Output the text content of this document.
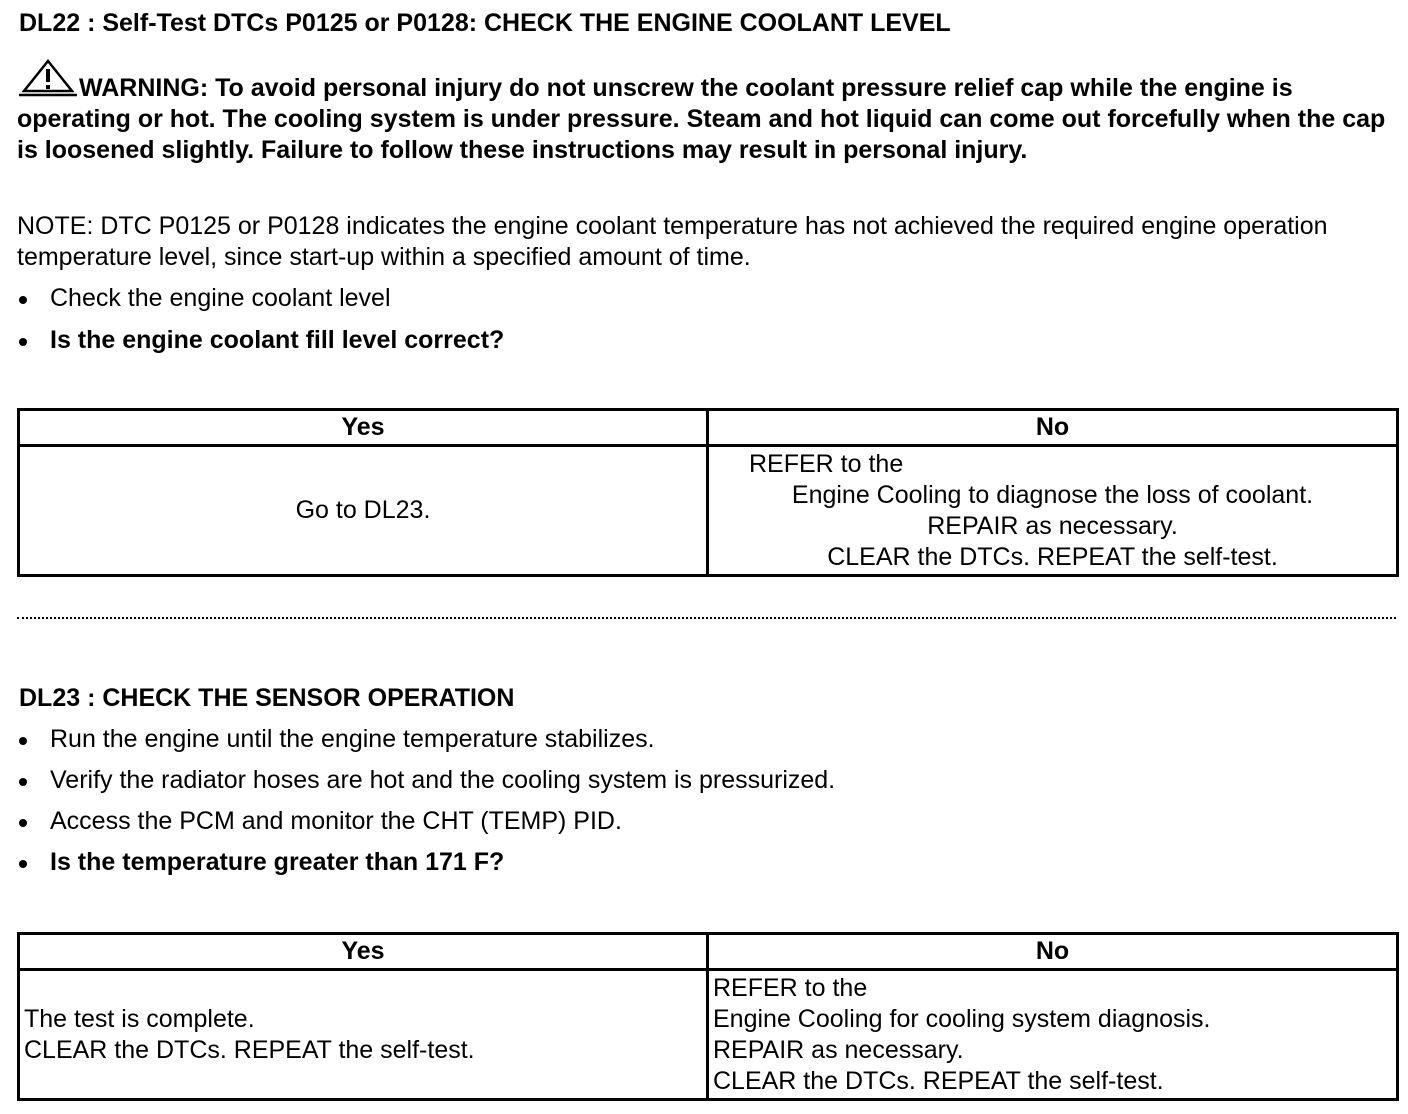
DL22 : Self-Test DTCs P0125 or P0128: CHECK THE ENGINE COOLANT LEVEL
WARNING: To avoid personal injury do not unscrew the coolant pressure relief cap while the engine is operating or hot. The cooling system is under pressure. Steam and hot liquid can come out forcefully when the cap is loosened slightly. Failure to follow these instructions may result in personal injury.
NOTE: DTC P0125 or P0128 indicates the engine coolant temperature has not achieved the required engine operation temperature level, since start-up within a specified amount of time.
Check the engine coolant level
Is the engine coolant fill level correct?
Yes	No
Go to DL23.	REFER to the
Engine Cooling to diagnose the loss of coolant.
REPAIR as necessary.
CLEAR the DTCs. REPEAT the self-test.
DL23 : CHECK THE SENSOR OPERATION
Run the engine until the engine temperature stabilizes.
Verify the radiator hoses are hot and the cooling system is pressurized.
Access the PCM and monitor the CHT (TEMP) PID.
Is the temperature greater than 171 F?
Yes	No

The test is complete.
CLEAR the DTCs. REPEAT the self-test.	REFER to the
Engine Cooling for cooling system diagnosis.
REPAIR as necessary.
CLEAR the DTCs. REPEAT the self-test.
